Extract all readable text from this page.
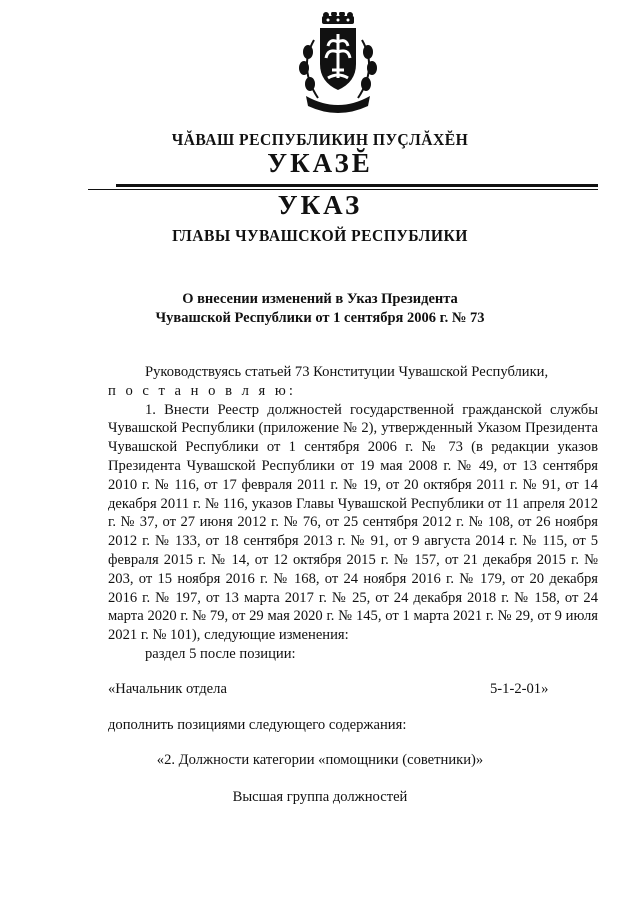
ЧĂВАШ РЕСПУБЛИКИН ПУÇЛĂХĔН
УКАЗĔ
УКАЗ
ГЛАВЫ ЧУВАШСКОЙ РЕСПУБЛИКИ
О внесении изменений в Указ Президента
Чувашской Республики от 1 сентября 2006 г. № 73

Руководствуясь статьей 73 Конституции Чувашской Республики,

п о с т а н о в л я ю:

1. Внести Реестр должностей государственной гражданской службы Чувашской Республики (приложение № 2), утвержденный Указом Президента Чувашской Республики от 1 сентября 2006 г. № 73 (в редакции указов Президента Чувашской Республики от 19 мая 2008 г. № 49, от 13 сентября 2010 г. № 116, от 17 февраля 2011 г. № 19, от 20 октября 2011 г. № 91, от 14 декабря 2011 г. № 116, указов Главы Чувашской Республики от 11 апреля 2012 г. № 37, от 27 июня 2012 г. № 76, от 25 сентября 2012 г. № 108, от 26 ноября 2012 г. № 133, от 18 сентября 2013 г. № 91, от 9 августа 2014 г. № 115, от 5 февраля 2015 г. № 14, от 12 октября 2015 г. № 157, от 21 декабря 2015 г. № 203, от 15 ноября 2016 г. № 168, от 24 ноября 2016 г. № 179, от 20 декабря 2016 г. № 197, от 13 марта 2017 г. № 25, от 24 декабря 2018 г. № 158, от 24 марта 2020 г. № 79, от 29 мая 2020 г. № 145, от 1 марта 2021 г. № 29, от 9 июля 2021 г. № 101), следующие изменения:

раздел 5 после позиции:

«Начальник отдела	5-1-2-01»
дополнить позициями следующего содержания:
«2. Должности категории «помощники (советники)»
Высшая группа должностей
